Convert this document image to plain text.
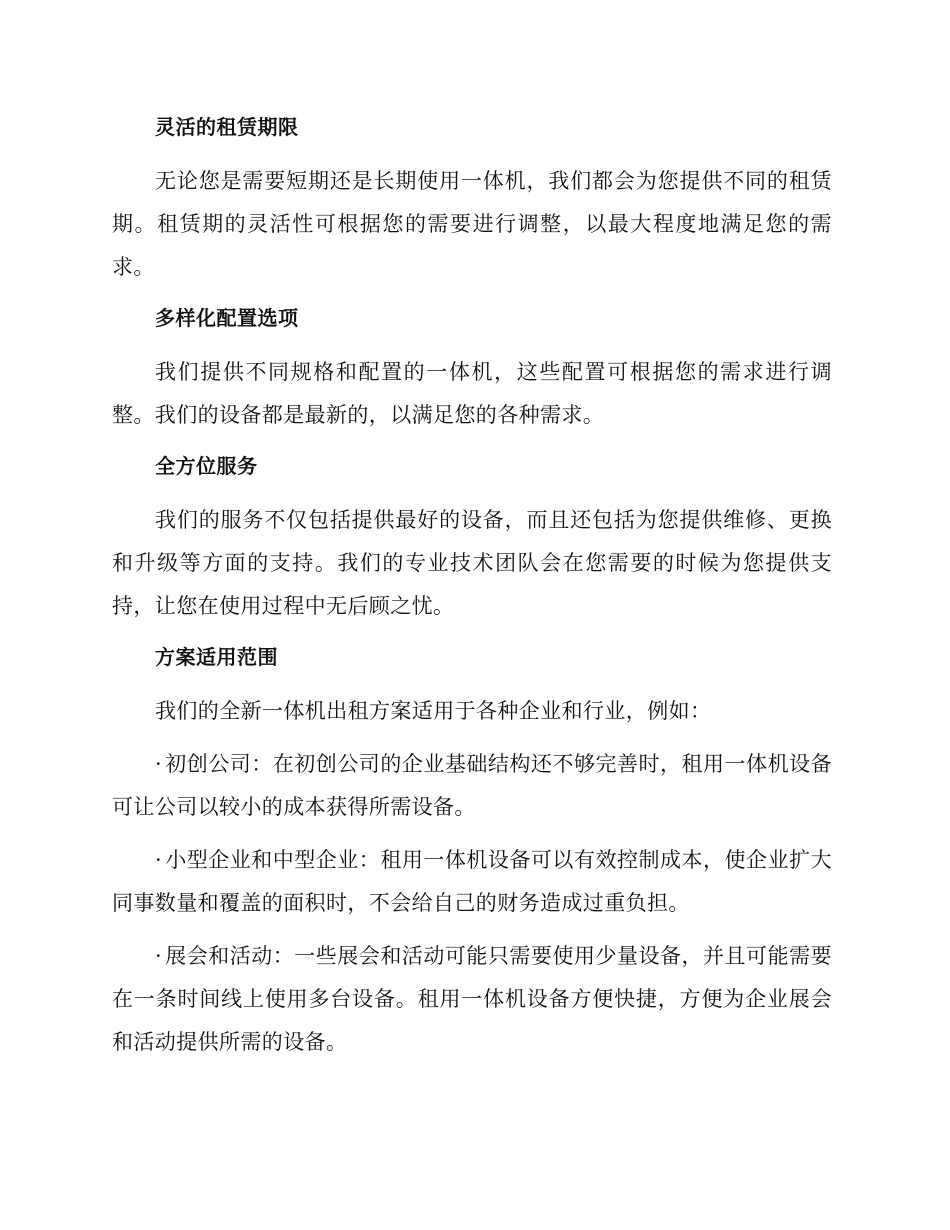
灵活的租赁期限

无论您是需要短期还是长期使用一体机，我们都会为您提供不同的租赁期。租赁期的灵活性可根据您的需要进行调整，以最大程度地满足您的需求。

多样化配置选项

我们提供不同规格和配置的一体机，这些配置可根据您的需求进行调整。我们的设备都是最新的，以满足您的各种需求。

全方位服务

我们的服务不仅包括提供最好的设备，而且还包括为您提供维修、更换和升级等方面的支持。我们的专业技术团队会在您需要的时候为您提供支持，让您在使用过程中无后顾之忧。

方案适用范围

我们的全新一体机出租方案适用于各种企业和行业，例如：

· 初创公司：在初创公司的企业基础结构还不够完善时，租用一体机设备可让公司以较小的成本获得所需设备。

· 小型企业和中型企业：租用一体机设备可以有效控制成本，使企业扩大同事数量和覆盖的面积时，不会给自己的财务造成过重负担。

· 展会和活动：一些展会和活动可能只需要使用少量设备，并且可能需要在一条时间线上使用多台设备。租用一体机设备方便快捷，方便为企业展会和活动提供所需的设备。
